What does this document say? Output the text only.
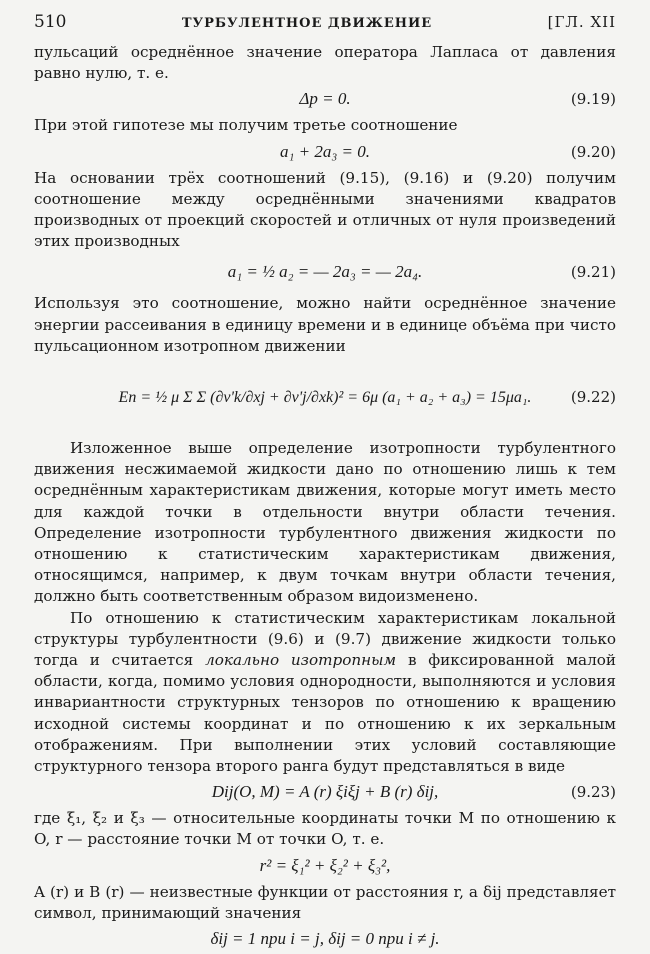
510	ТУРБУЛЕНТНОЕ ДВИЖЕНИЕ	[ГЛ. XII

пульсаций осреднённое значение оператора Лапласа от давления равно нулю, т. е.

Δp = 0.	(9.19)

При этой гипотезе мы получим третье соотношение

a₁ + 2a₃ = 0.	(9.20)

На основании трёх соотношений (9.15), (9.16) и (9.20) получим соотношение между осреднёнными значениями квадратов производных от проекций скоростей и отличных от нуля произведений этих производных

a₁ = ½ a₂ = — 2a₃ = — 2a₄.	(9.21)

Используя это соотношение, можно найти осреднённое значение энергии рассеивания в единицу времени и в единице объёма при чисто пульсационном изотропном движении

Eп = ½ μ Σ Σ (∂v'k/∂xj + ∂v'j/∂xk)² = 6μ (a₁ + a₂ + a₃) = 15μa₁.	(9.22)

Изложенное выше определение изотропности турбулентного движения несжимаемой жидкости дано по отношению лишь к тем осреднённым характеристикам движения, которые могут иметь место для каждой точки в отдельности внутри области течения. Определение изотропности турбулентного движения жидкости по отношению к статистическим характеристикам движения, относящимся, например, к двум точкам внутри области течения, должно быть соответственным образом видоизменено.

По отношению к статистическим характеристикам локальной структуры турбулентности (9.6) и (9.7) движение жидкости только тогда и считается локально изотропным в фиксированной малой области, когда, помимо условия однородности, выполняются и условия инвариантности структурных тензоров по отношению к вращению исходной системы координат и по отношению к их зеркальным отображениям. При выполнении этих условий составляющие структурного тензора второго ранга будут представляться в виде

Dij(O, M) = A (r) ξiξj + B (r) δij,	(9.23)

где ξ₁, ξ₂ и ξ₃ — относительные координаты точки M по отношению к O, r — расстояние точки M от точки O, т. е.

r² = ξ₁² + ξ₂² + ξ₃²,

A (r) и B (r) — неизвестные функции от расстояния r, а δij представляет символ, принимающий значения

δij = 1 при i = j, δij = 0 при i ≠ j.
